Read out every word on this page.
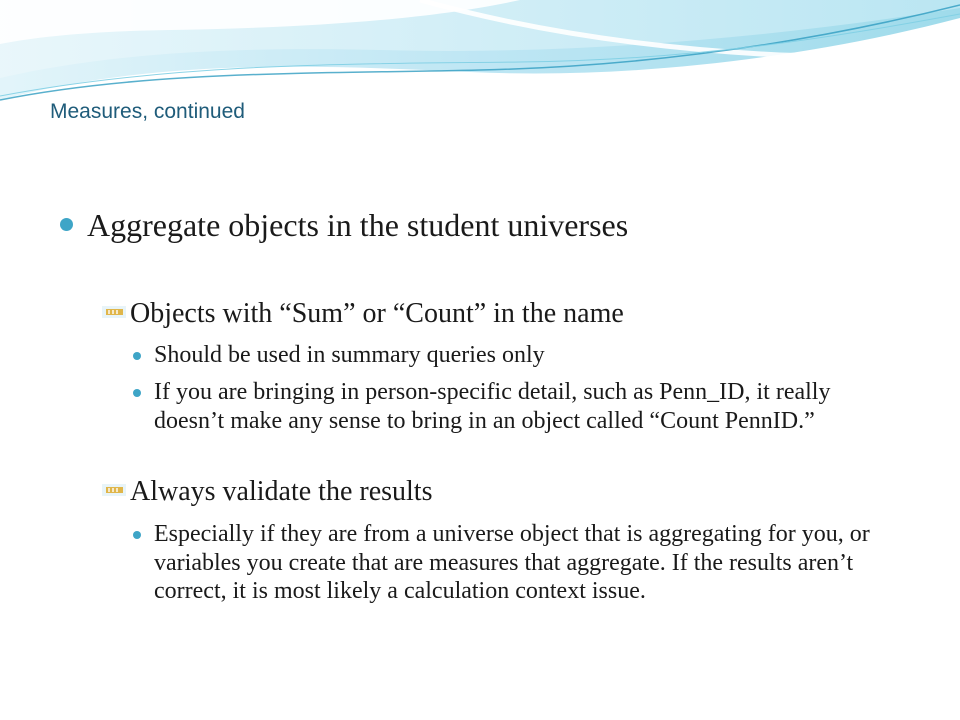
Measures, continued
Aggregate objects in the student universes
Objects with “Sum” or “Count” in the name
Should be used in summary queries only
If you are bringing in person-specific detail, such as Penn_ID, it really doesn’t make any sense to bring in an object called “Count PennID.”
Always validate the results
Especially if they are from a universe object that is aggregating for you, or variables you create that are measures that aggregate. If the results aren’t correct, it is most likely a calculation context issue.
